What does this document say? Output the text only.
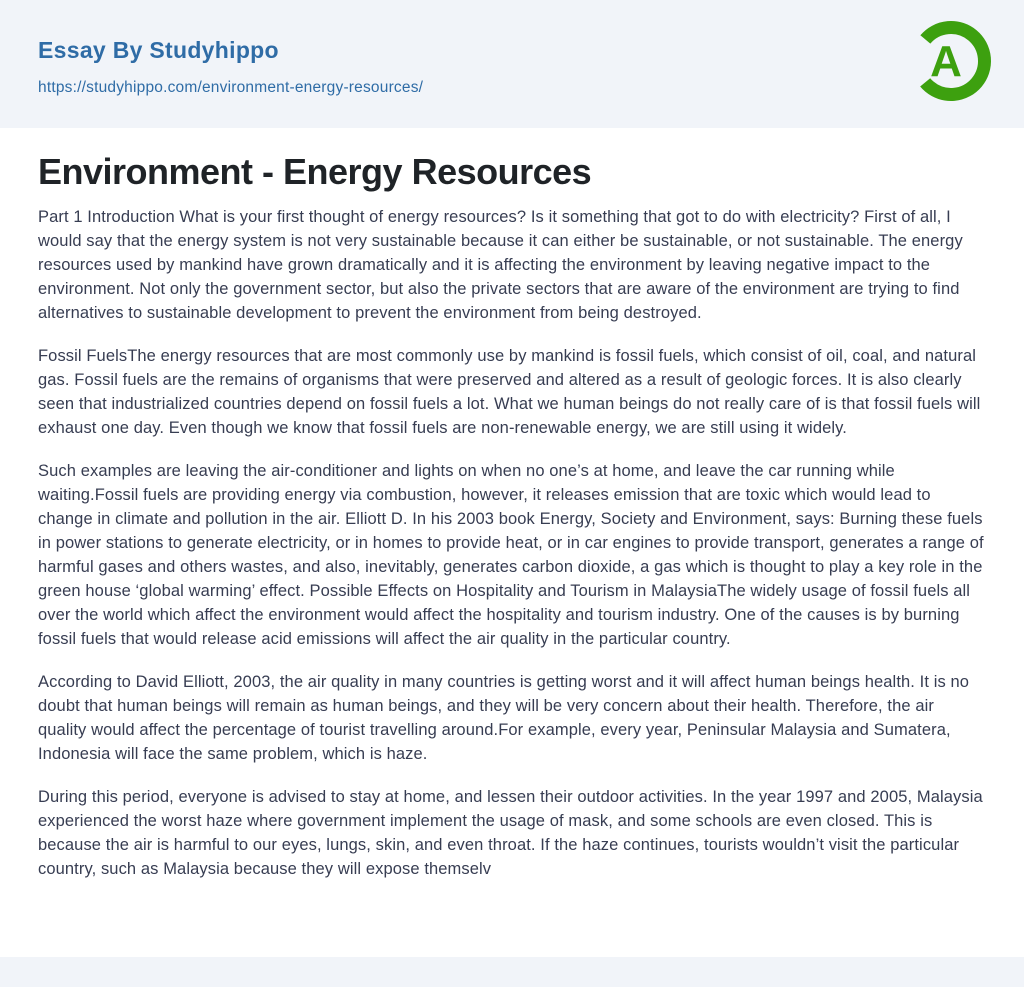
Essay By Studyhippo
https://studyhippo.com/environment-energy-resources/
A
Environment - Energy Resources

Part 1 Introduction What is your first thought of energy resources? Is it something that got to do with electricity? First of all, I would say that the energy system is not very sustainable because it can either be sustainable, or not sustainable. The energy resources used by mankind have grown dramatically and it is affecting the environment by leaving negative impact to the environment. Not only the government sector, but also the private sectors that are aware of the environment are trying to find alternatives to sustainable development to prevent the environment from being destroyed.

Fossil FuelsThe energy resources that are most commonly use by mankind is fossil fuels, which consist of oil, coal, and natural gas. Fossil fuels are the remains of organisms that were preserved and altered as a result of geologic forces. It is also clearly seen that industrialized countries depend on fossil fuels a lot. What we human beings do not really care of is that fossil fuels will exhaust one day. Even though we know that fossil fuels are non-renewable energy, we are still using it widely.

Such examples are leaving the air-conditioner and lights on when no one’s at home, and leave the car running while waiting.Fossil fuels are providing energy via combustion, however, it releases emission that are toxic which would lead to change in climate and pollution in the air. Elliott D. In his 2003 book Energy, Society and Environment, says: Burning these fuels in power stations to generate electricity, or in homes to provide heat, or in car engines to provide transport, generates a range of harmful gases and others wastes, and also, inevitably, generates carbon dioxide, a gas which is thought to play a key role in the green house ‘global warming’ effect. Possible Effects on Hospitality and Tourism in MalaysiaThe widely usage of fossil fuels all over the world which affect the environment would affect the hospitality and tourism industry. One of the causes is by burning fossil fuels that would release acid emissions will affect the air quality in the particular country.

According to David Elliott, 2003, the air quality in many countries is getting worst and it will affect human beings health. It is no doubt that human beings will remain as human beings, and they will be very concern about their health. Therefore, the air quality would affect the percentage of tourist travelling around.For example, every year, Peninsular Malaysia and Sumatera, Indonesia will face the same problem, which is haze.

During this period, everyone is advised to stay at home, and lessen their outdoor activities. In the year 1997 and 2005, Malaysia experienced the worst haze where government implement the usage of mask, and some schools are even closed. This is because the air is harmful to our eyes, lungs, skin, and even throat. If the haze continues, tourists wouldn’t visit the particular country, such as Malaysia because they will expose themselv
